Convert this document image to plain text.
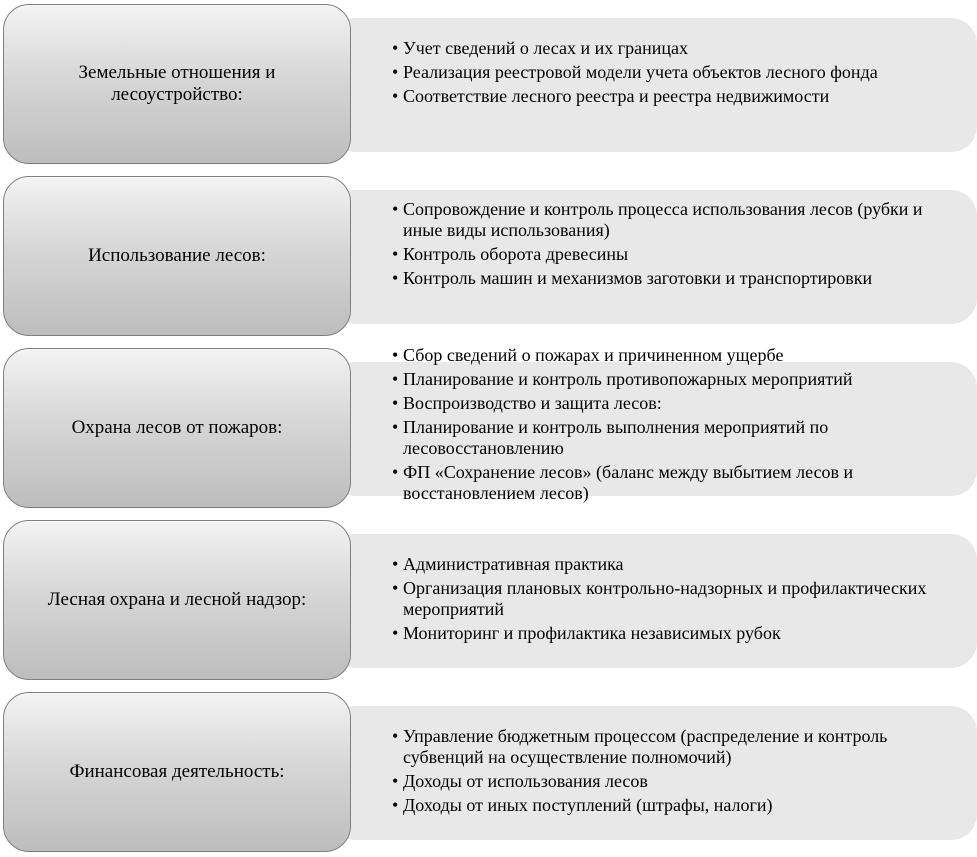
Земельные отношения и лесоустройство:
• Учет сведений о лесах и их границах
• Реализация реестровой модели учета объектов лесного фонда
• Соответствие лесного реестра и реестра недвижимости
Использование лесов:
• Сопровождение и контроль процесса использования лесов (рубки и иные виды использования)
• Контроль оборота древесины
• Контроль машин и механизмов заготовки и транспортировки
Охрана лесов от пожаров:
• Сбор сведений о пожарах и причиненном ущербе
• Планирование и контроль противопожарных мероприятий
• Воспроизводство и защита лесов:
• Планирование и контроль выполнения мероприятий по лесовосстановлению
• ФП «Сохранение лесов» (баланс между выбытием лесов и восстановлением лесов)
Лесная охрана и лесной надзор:
• Административная практика
• Организация плановых контрольно-надзорных и профилактических мероприятий
• Мониторинг и профилактика независимых рубок
Финансовая деятельность:
• Управление бюджетным процессом (распределение и контроль субвенций на осуществление полномочий)
• Доходы от использования лесов
• Доходы от иных поступлений (штрафы, налоги)
